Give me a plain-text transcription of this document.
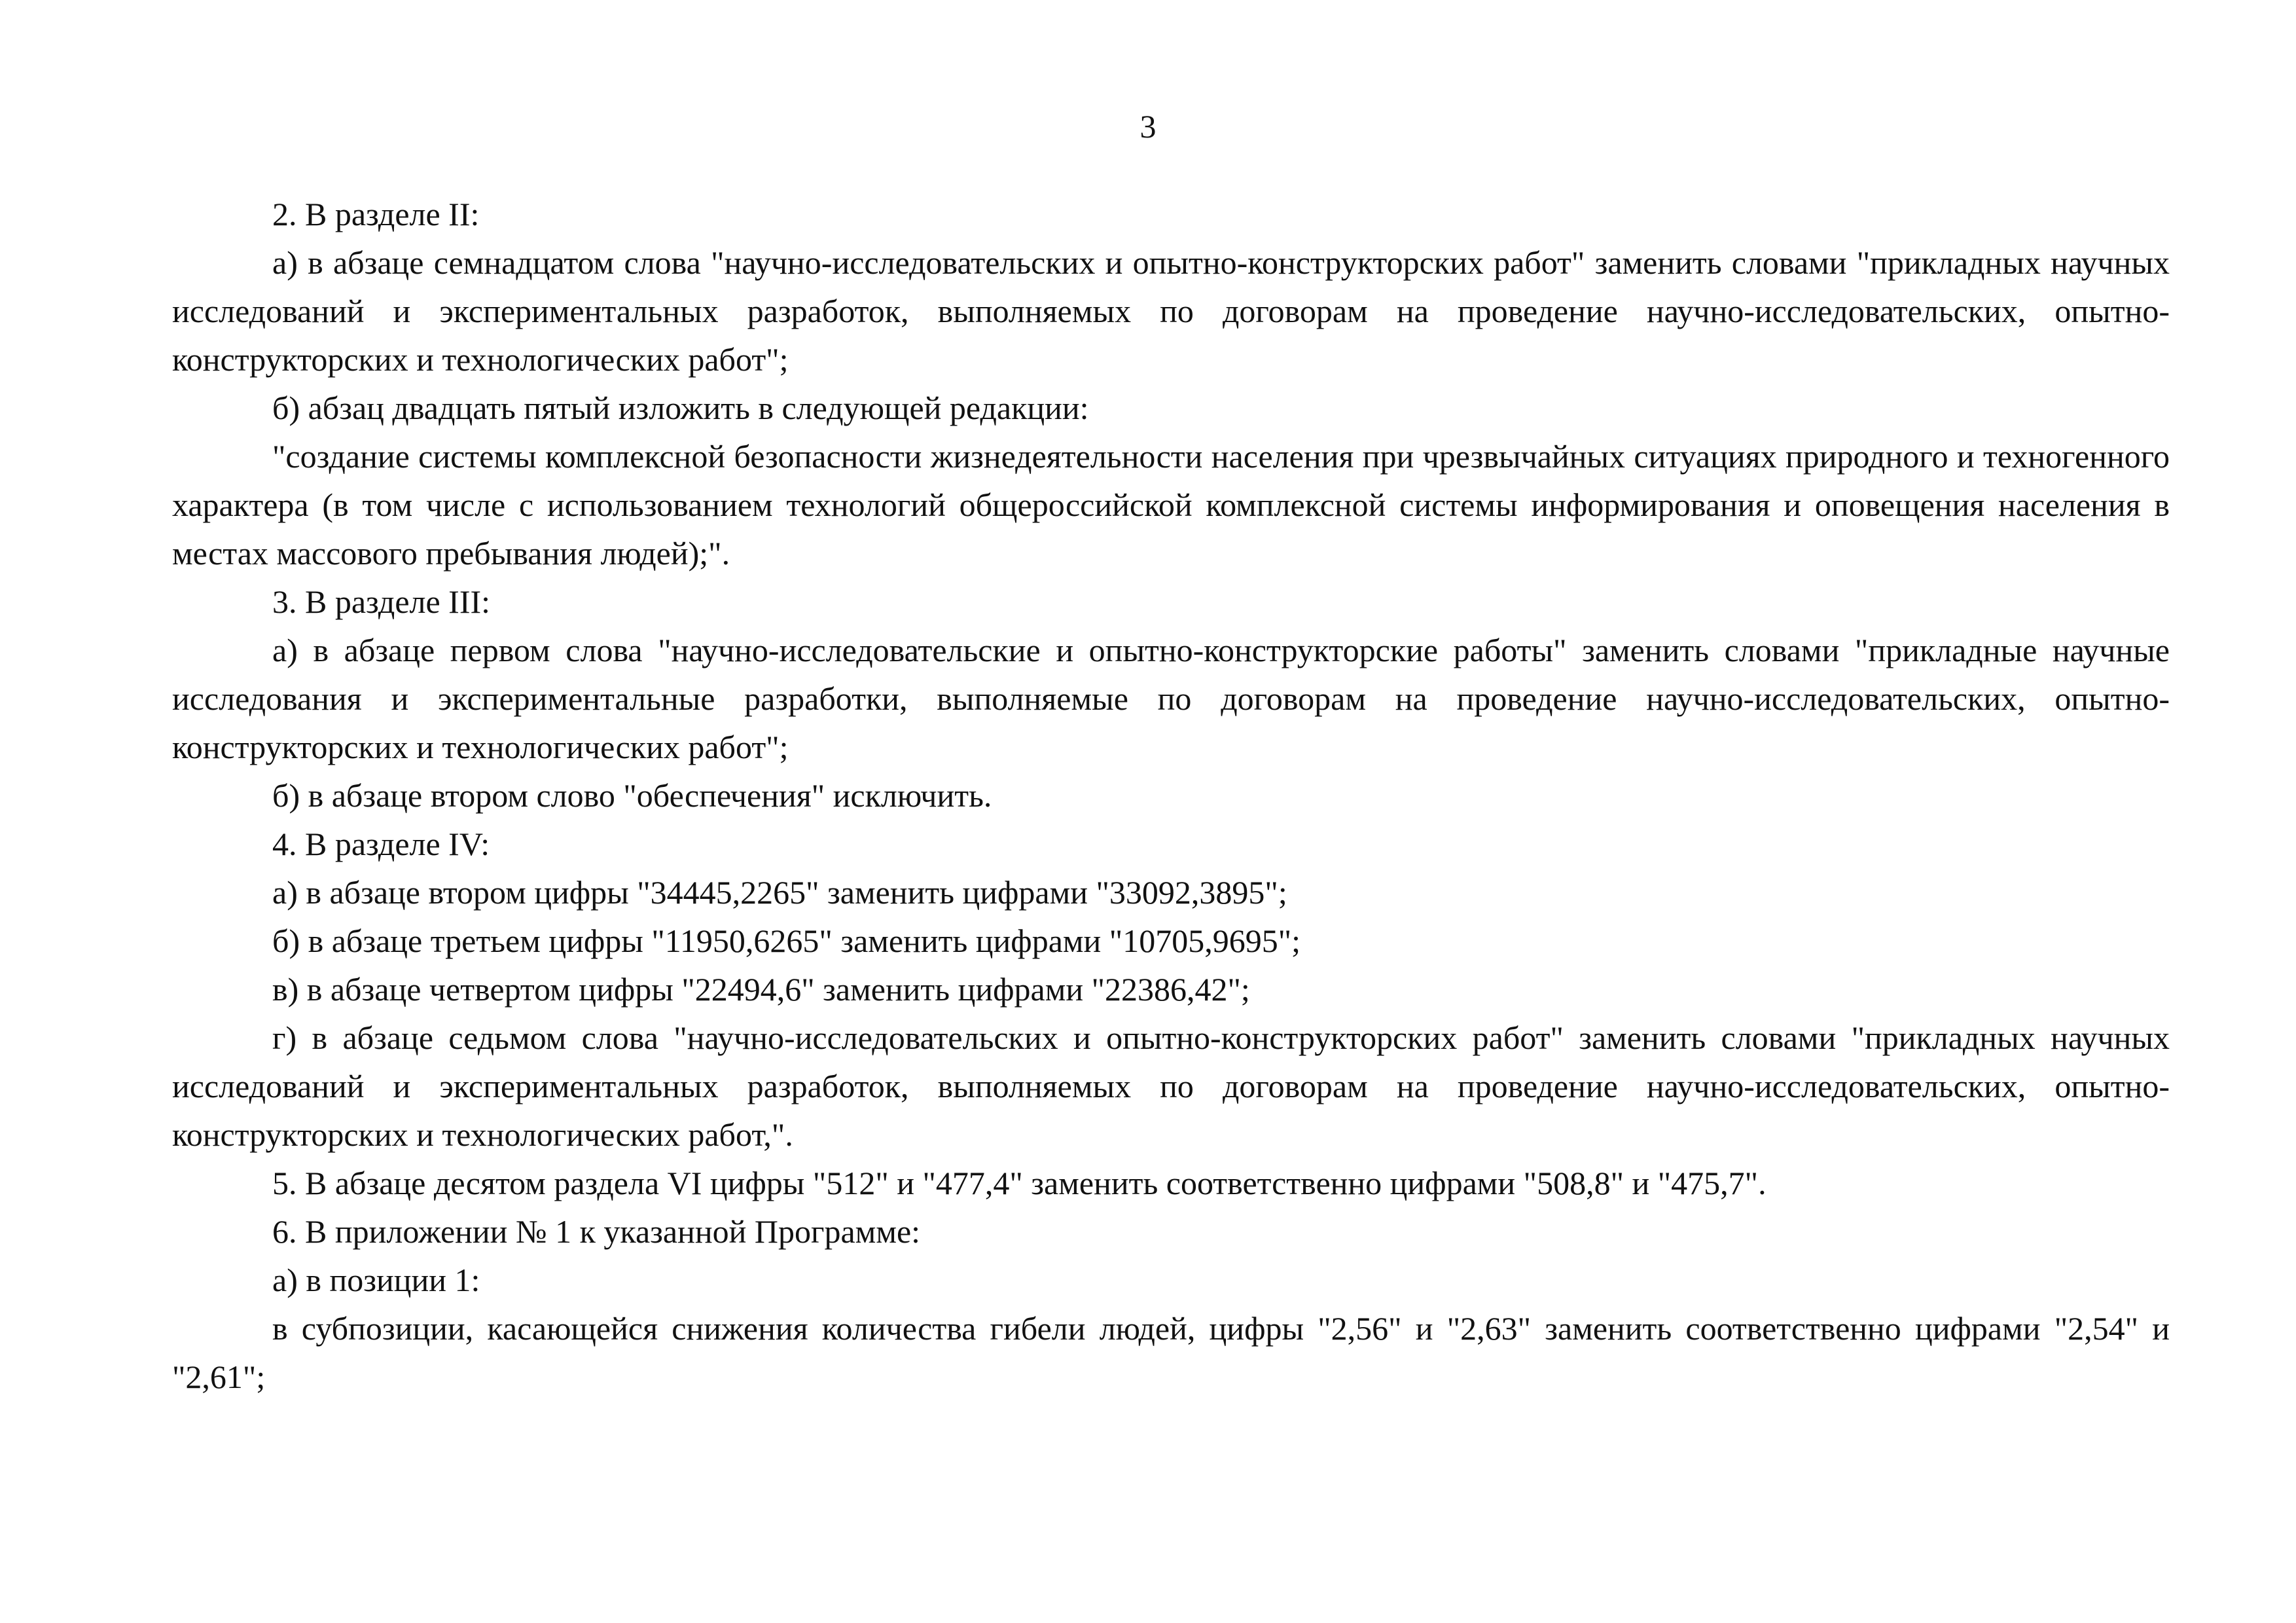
3

2. В разделе II:

а) в абзаце семнадцатом слова "научно-исследовательских и опытно-конструкторских работ" заменить словами "прикладных научных исследований и экспериментальных разработок, выполняемых по договорам на проведение научно-исследовательских, опытно-конструкторских и технологических работ";

б) абзац двадцать пятый изложить в следующей редакции:

"создание системы комплексной безопасности жизнедеятельности населения при чрезвычайных ситуациях природного и техногенного характера (в том числе с использованием технологий общероссийской комплексной системы информирования и оповещения населения в местах массового пребывания людей);".

3. В разделе III:

а) в абзаце первом слова "научно-исследовательские и опытно-конструкторские работы" заменить словами "прикладные научные исследования и экспериментальные разработки, выполняемые по договорам на проведение научно-исследовательских, опытно-конструкторских и технологических работ";

б) в абзаце втором слово "обеспечения" исключить.

4. В разделе IV:

а) в абзаце втором цифры "34445,2265" заменить цифрами "33092,3895";

б) в абзаце третьем цифры "11950,6265" заменить цифрами "10705,9695";

в) в абзаце четвертом цифры "22494,6" заменить цифрами "22386,42";

г) в абзаце седьмом слова "научно-исследовательских и опытно-конструкторских работ" заменить словами "прикладных научных исследований и экспериментальных разработок, выполняемых по договорам на проведение научно-исследовательских, опытно-конструкторских и технологических работ,".

5. В абзаце десятом раздела VI цифры "512" и "477,4" заменить соответственно цифрами "508,8" и "475,7".

6. В приложении № 1 к указанной Программе:

а) в позиции 1:

в субпозиции, касающейся снижения количества гибели людей, цифры "2,56" и "2,63" заменить соответственно цифрами "2,54" и "2,61";
